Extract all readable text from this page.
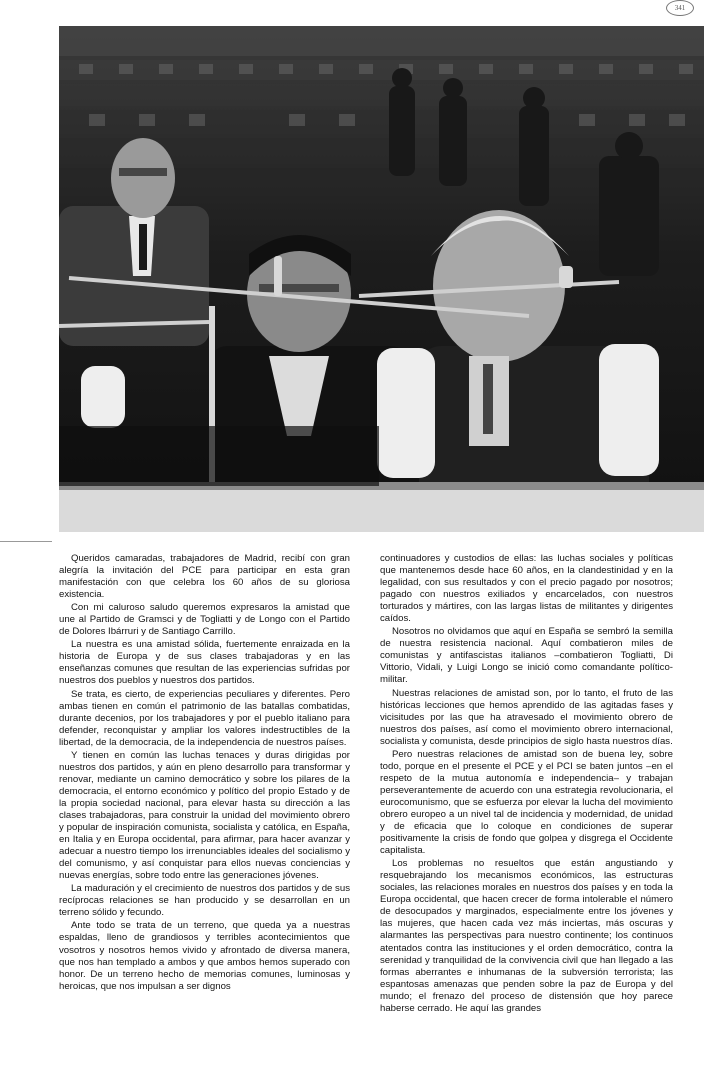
341

Queridos camaradas, trabajadores de Madrid, recibí con gran alegría la invitación del PCE para participar en esta gran manifestación con que celebra los 60 años de su gloriosa existencia.

Con mi caluroso saludo queremos expresaros la amistad que une al Partido de Gramsci y de Togliatti y de Longo con el Partido de Dolores Ibárruri y de Santiago Carrillo.

La nuestra es una amistad sólida, fuertemente enraizada en la historia de Europa y de sus clases trabajadoras y en las enseñanzas comunes que resultan de las experiencias sufridas por nuestros dos pueblos y nuestros dos partidos.

Se trata, es cierto, de experiencias peculiares y diferentes. Pero ambas tienen en común el patrimonio de las batallas combatidas, durante decenios, por los trabajadores y por el pueblo italiano para defender, reconquistar y ampliar los valores indestructibles de la libertad, de la democracia, de la independencia de nuestros países.

Y tienen en común las luchas tenaces y duras dirigidas por nuestros dos partidos, y aún en pleno desarrollo para transformar y renovar, mediante un camino democrático y sobre los pilares de la democracia, el entorno económico y político del propio Estado y de la propia sociedad nacional, para elevar hasta su dirección a las clases trabajadoras, para construir la unidad del movimiento obrero y popular de inspiración comunista, socialista y católica, en España, en Italia y en Europa occidental, para afirmar, para hacer avanzar y adecuar a nuestro tiempo los irrenunciables ideales del socialismo y del comunismo, y así conquistar para ellos nuevas conciencias y nuevas energías, sobre todo entre las generaciones jóvenes.

La maduración y el crecimiento de nuestros dos partidos y de sus recíprocas relaciones se han producido y se desarrollan en un terreno sólido y fecundo.

Ante todo se trata de un terreno, que queda ya a nuestras espaldas, lleno de grandiosos y terribles acontecimientos que vosotros y nosotros hemos vivido y afrontado de diversa manera, que nos han templado a ambos y que ambos hemos superado con honor. De un terreno hecho de memorias comunes, luminosas y heroicas, que nos impulsan a ser dignos

continuadores y custodios de ellas: las luchas sociales y políticas que mantenemos desde hace 60 años, en la clandestinidad y en la legalidad, con sus resultados y con el precio pagado por nosotros; pagado con nuestros exiliados y encarcelados, con nuestros torturados y mártires, con las largas listas de militantes y dirigentes caídos.

Nosotros no olvidamos que aquí en España se sembró la semilla de nuestra resistencia nacional. Aquí combatieron miles de comunistas y antifascistas italianos –combatieron Togliatti, Di Vittorio, Vidali, y Luigi Longo se inició como comandante político-militar.

Nuestras relaciones de amistad son, por lo tanto, el fruto de las históricas lecciones que hemos aprendido de las agitadas fases y vicisitudes por las que ha atravesado el movimiento obrero de nuestros dos países, así como el movimiento obrero internacional, socialista y comunista, desde principios de siglo hasta nuestros días.

Pero nuestras relaciones de amistad son de buena ley, sobre todo, porque en el presente el PCE y el PCI se baten juntos –en el respeto de la mutua autonomía e independencia– y trabajan perseverantemente de acuerdo con una estrategia revolucionaria, el eurocomunismo, que se esfuerza por elevar la lucha del movimiento obrero europeo a un nivel tal de incidencia y modernidad, de unidad y de eficacia que lo coloque en condiciones de superar positivamente la crisis de fondo que golpea y disgrega el Occidente capitalista.

Los problemas no resueltos que están angustiando y resquebrajando los mecanismos económicos, las estructuras sociales, las relaciones morales en nuestros dos países y en toda la Europa occidental, que hacen crecer de forma intolerable el número de desocupados y marginados, especialmente entre los jóvenes y las mujeres, que hacen cada vez más inciertas, más oscuras y alarmantes las perspectivas para nuestro continente; los continuos atentados contra las instituciones y el orden democrático, contra la serenidad y tranquilidad de la convivencia civil que han llegado a las formas aberrantes e inhumanas de la subversión terrorista; las espantosas amenazas que penden sobre la paz de Europa y del mundo; el frenazo del proceso de distensión que hoy parece haberse cerrado. He aquí las grandes
